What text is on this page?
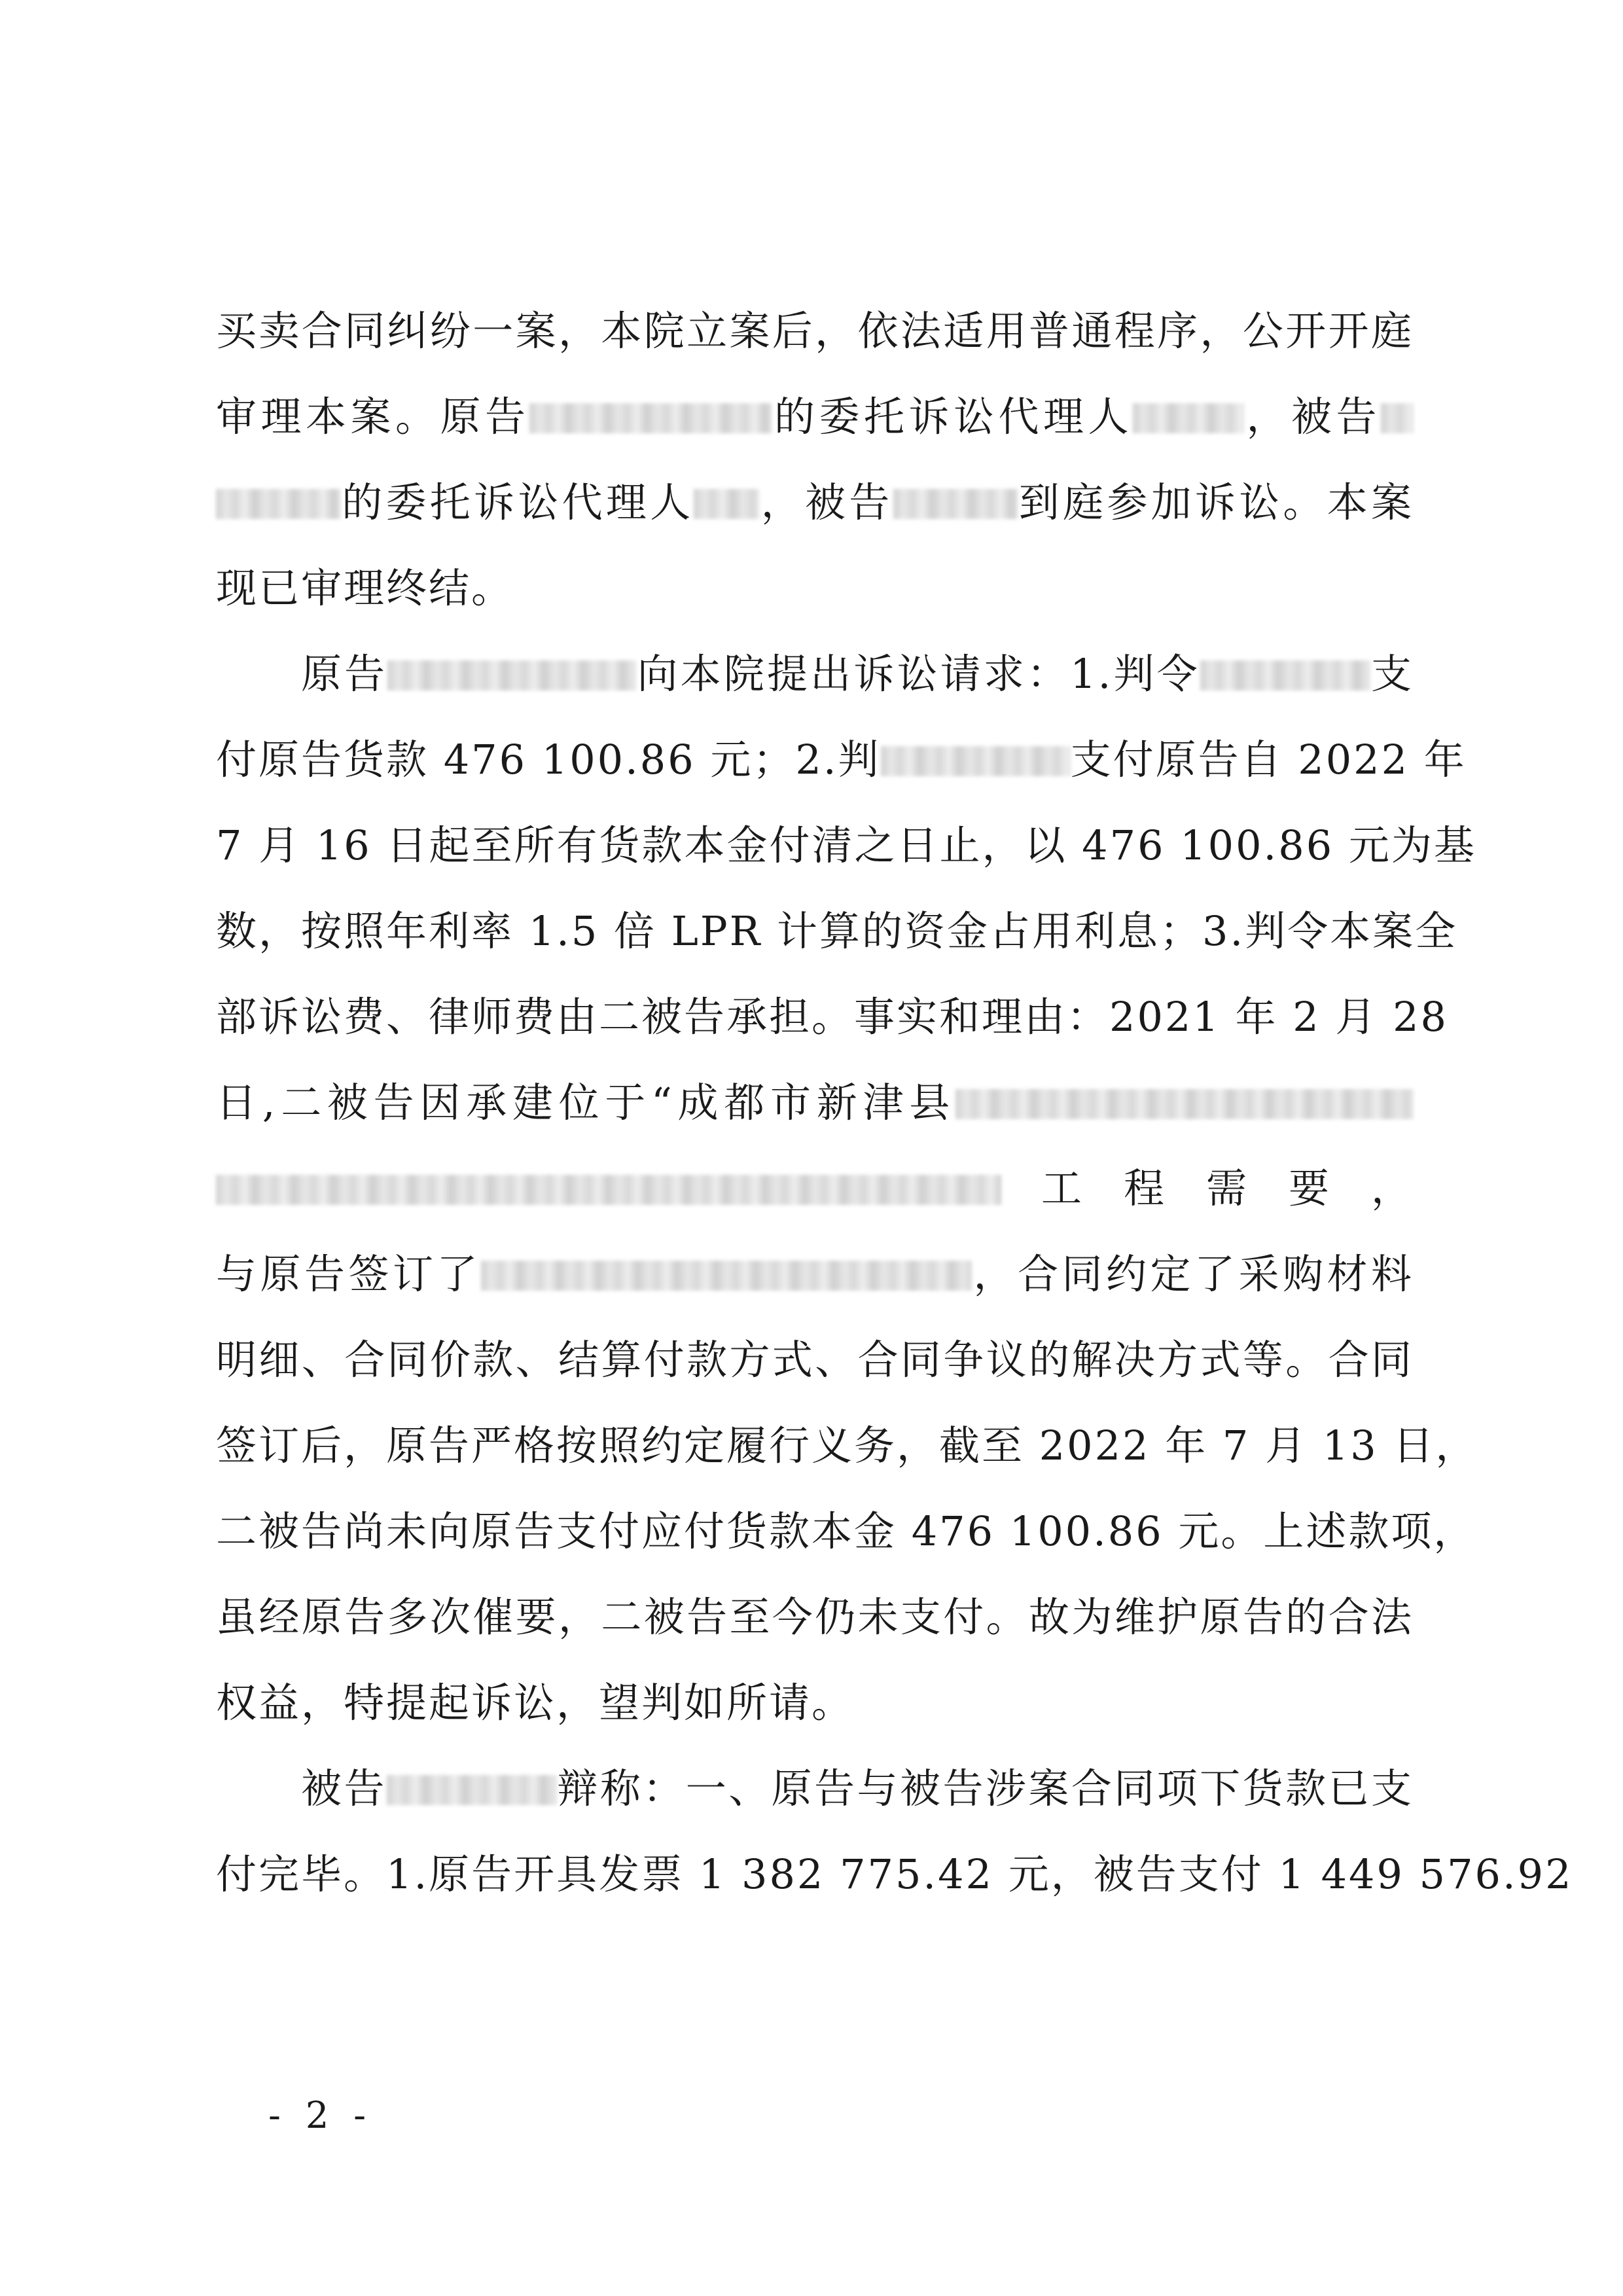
买卖合同纠纷一案，本院立案后，依法适用普通程序，公开开庭
审理本案。原告	的委托诉讼代理人	，被告
的委托诉讼代理人 ，被告	到庭参加诉讼。本案
现已审理终结。
原告	向本院提出诉讼请求：1.判令	支
付原告货款 476 100.86 元；2.判	支付原告自 2022 年
7 月 16 日起至所有货款本金付清之日止，以 476 100.86 元为基
数，按照年利率 1.5 倍 LPR 计算的资金占用利息；3.判令本案全
部诉讼费、律师费由二被告承担。事实和理由：2021 年 2 月 28
日,二被告因承建位于“成都市新津县
工程需要，
与原告签订了	，合同约定了采购材料
明细、合同价款、结算付款方式、合同争议的解决方式等。合同
签订后，原告严格按照约定履行义务，截至 2022 年 7 月 13 日，
二被告尚未向原告支付应付货款本金 476 100.86 元。上述款项，
虽经原告多次催要，二被告至今仍未支付。故为维护原告的合法
权益，特提起诉讼，望判如所请。
被告	辩称：一、原告与被告涉案合同项下货款已支
付完毕。1.原告开具发票 1 382 775.42 元，被告支付 1 449 576.92
- 2 -
